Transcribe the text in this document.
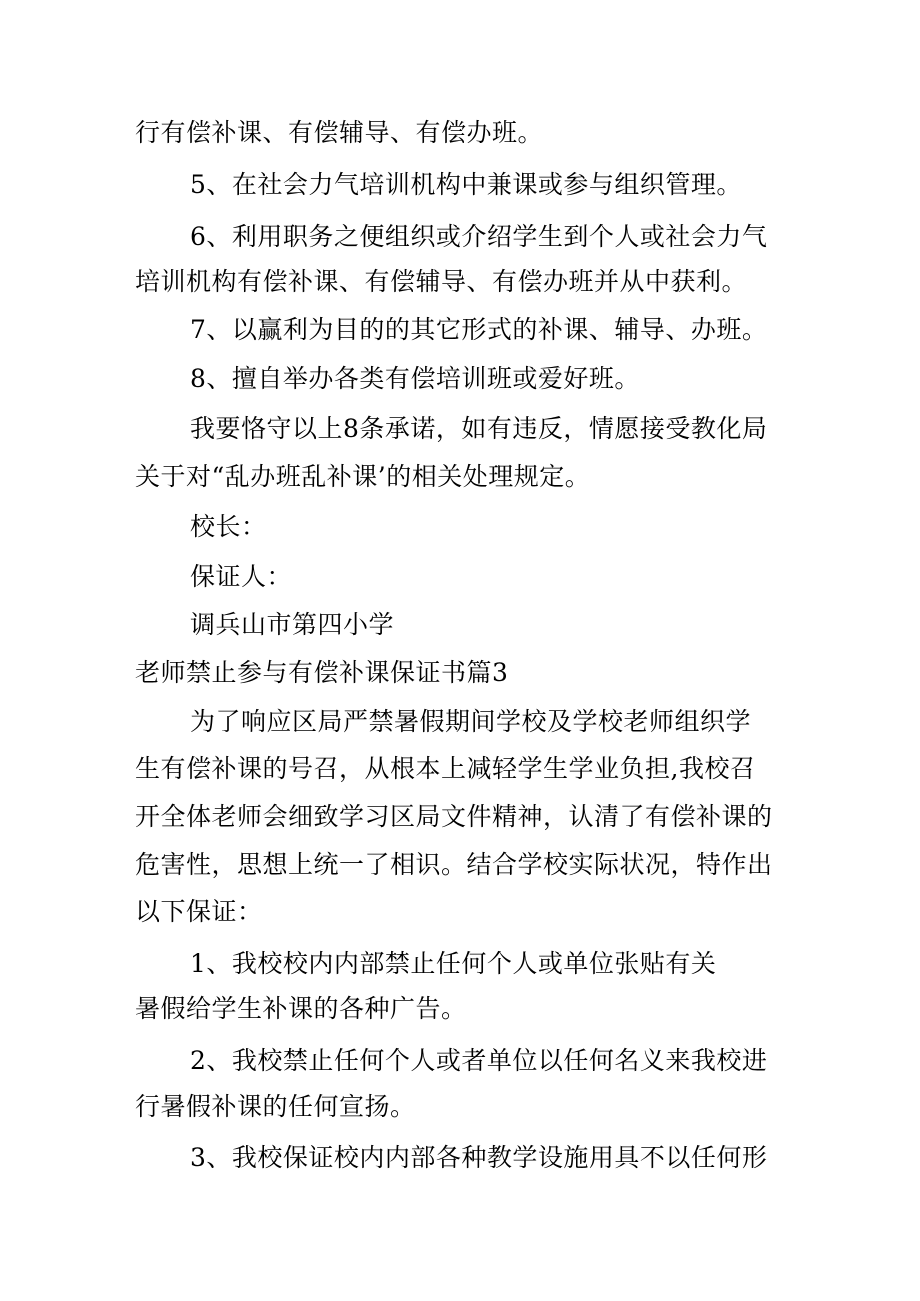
行有偿补课、有偿辅导、有偿办班。
5、在社会力气培训机构中兼课或参与组织管理。
6、利用职务之便组织或介绍学生到个人或社会力气
培训机构有偿补课、有偿辅导、有偿办班并从中获利。
7、以赢利为目的的其它形式的补课、辅导、办班。
8、擅自举办各类有偿培训班或爱好班。
我要恪守以上8条承诺，如有违反，情愿接受教化局
关于对“乱办班乱补课’的相关处理规定。
校长：
保证人：
调兵山市第四小学
老师禁止参与有偿补课保证书篇3
为了响应区局严禁暑假期间学校及学校老师组织学
生有偿补课的号召，从根本上减轻学生学业负担,我校召
开全体老师会细致学习区局文件精神，认清了有偿补课的
危害性，思想上统一了相识。结合学校实际状况，特作出
以下保证：
1、我校校内内部禁止任何个人或单位张贴有关
暑假给学生补课的各种广告。
2、我校禁止任何个人或者单位以任何名义来我校进
行暑假补课的任何宣扬。
3、我校保证校内内部各种教学设施用具不以任何形
